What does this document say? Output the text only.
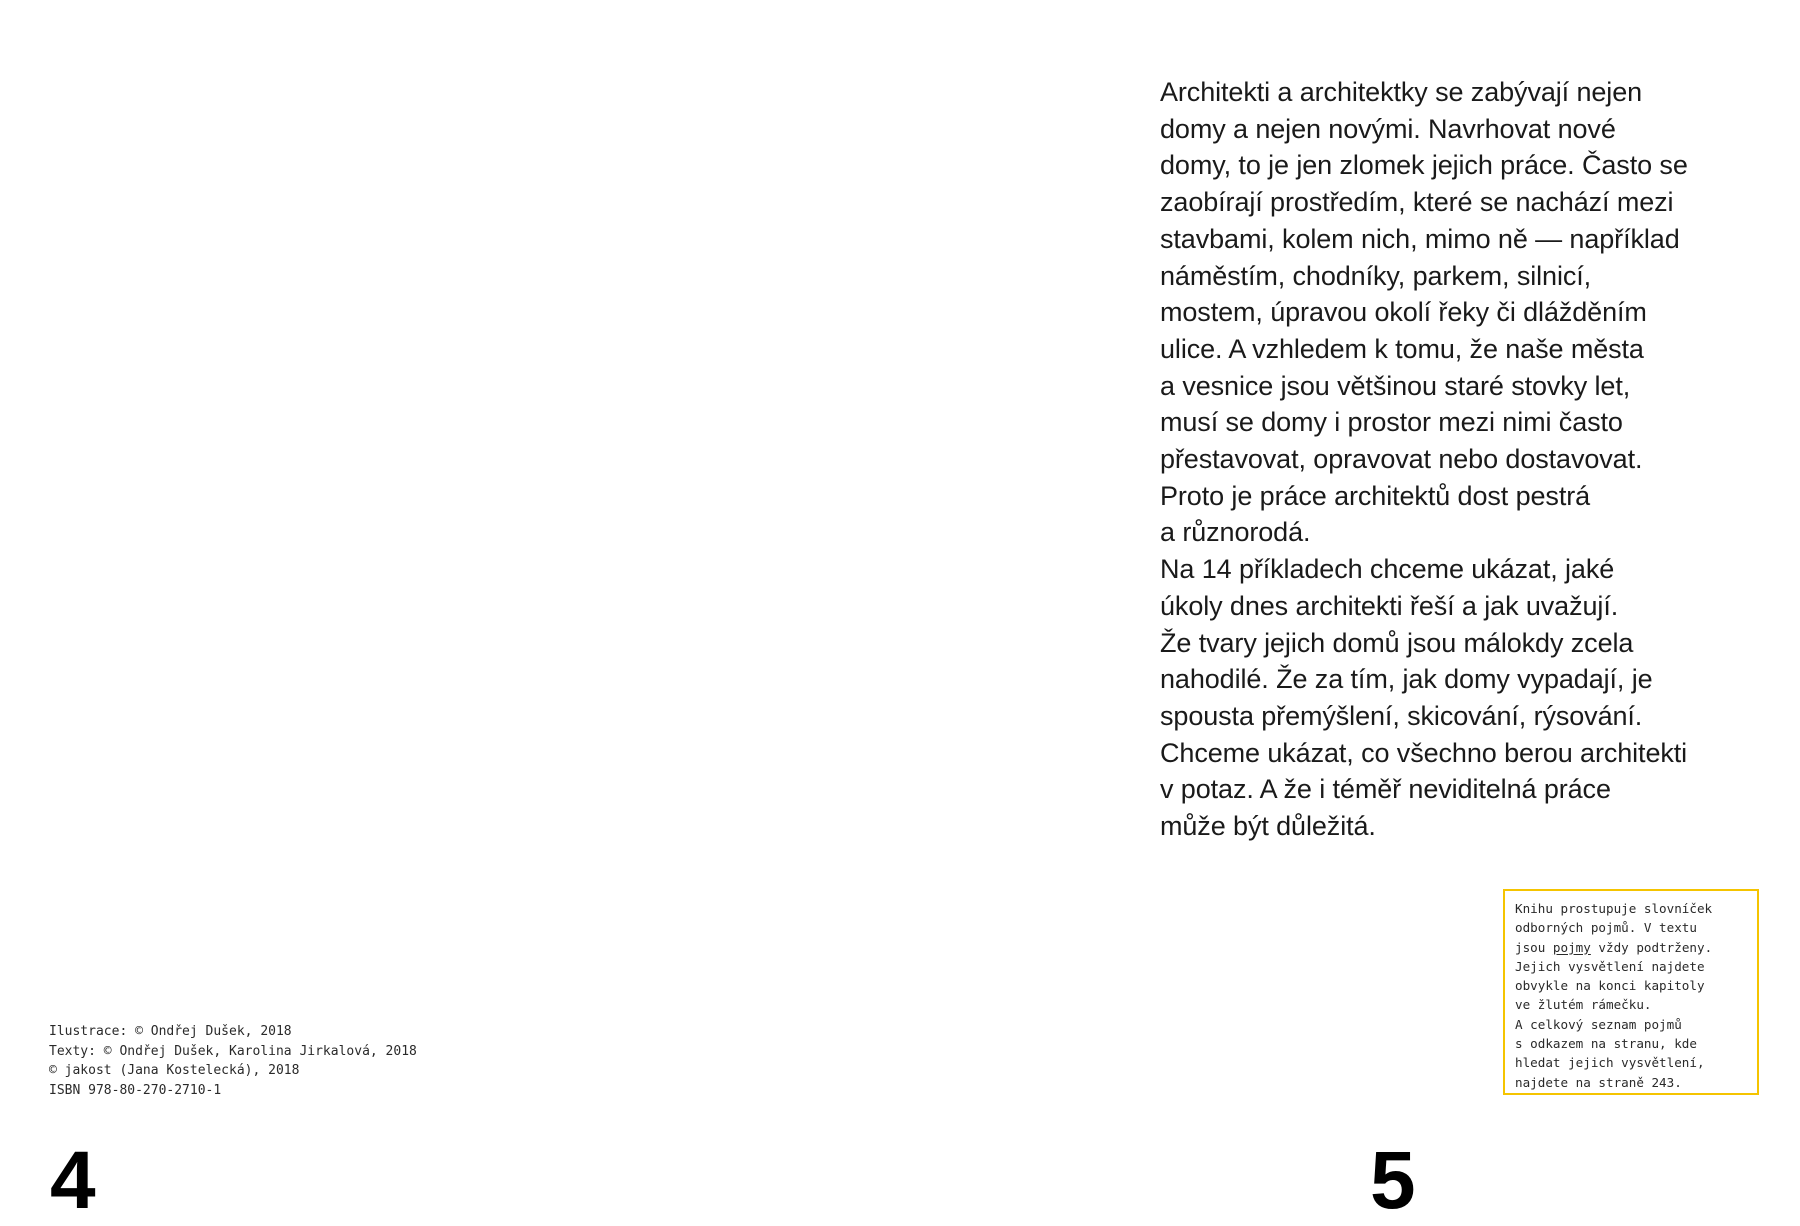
Architekti a architektky se zabývají nejen
domy a nejen novými. Navrhovat nové
domy, to je jen zlomek jejich práce. Často se
zaobírají prostředím, které se nachází mezi
stavbami, kolem nich, mimo ně — například
náměstím, chodníky, parkem, silnicí,
mostem, úpravou okolí řeky či dlážděním
ulice. A vzhledem k tomu, že naše města
a vesnice jsou většinou staré stovky let,
musí se domy i prostor mezi nimi často
přestavovat, opravovat nebo dostavovat.
Proto je práce architektů dost pestrá
a různorodá.
Na 14 příkladech chceme ukázat, jaké
úkoly dnes architekti řeší a jak uvažují.
Že tvary jejich domů jsou málokdy zcela
nahodilé. Že za tím, jak domy vypadají, je
spousta přemýšlení, skicování, rýsování.
Chceme ukázat, co všechno berou architekti
v potaz. A že i téměř neviditelná práce
může být důležitá.

Knihu prostupuje slovníček
odborných pojmů. V textu
jsou pojmy vždy podtrženy.
Jejich vysvětlení najdete
obvykle na konci kapitoly
ve žlutém rámečku.
A celkový seznam pojmů
s odkazem na stranu, kde
hledat jejich vysvětlení,
najdete na straně 243.

Ilustrace: © Ondřej Dušek, 2018
Texty: © Ondřej Dušek, Karolina Jirkalová, 2018
© jakost (Jana Kostelecká), 2018
ISBN 978-80-270-2710-1

4	5
